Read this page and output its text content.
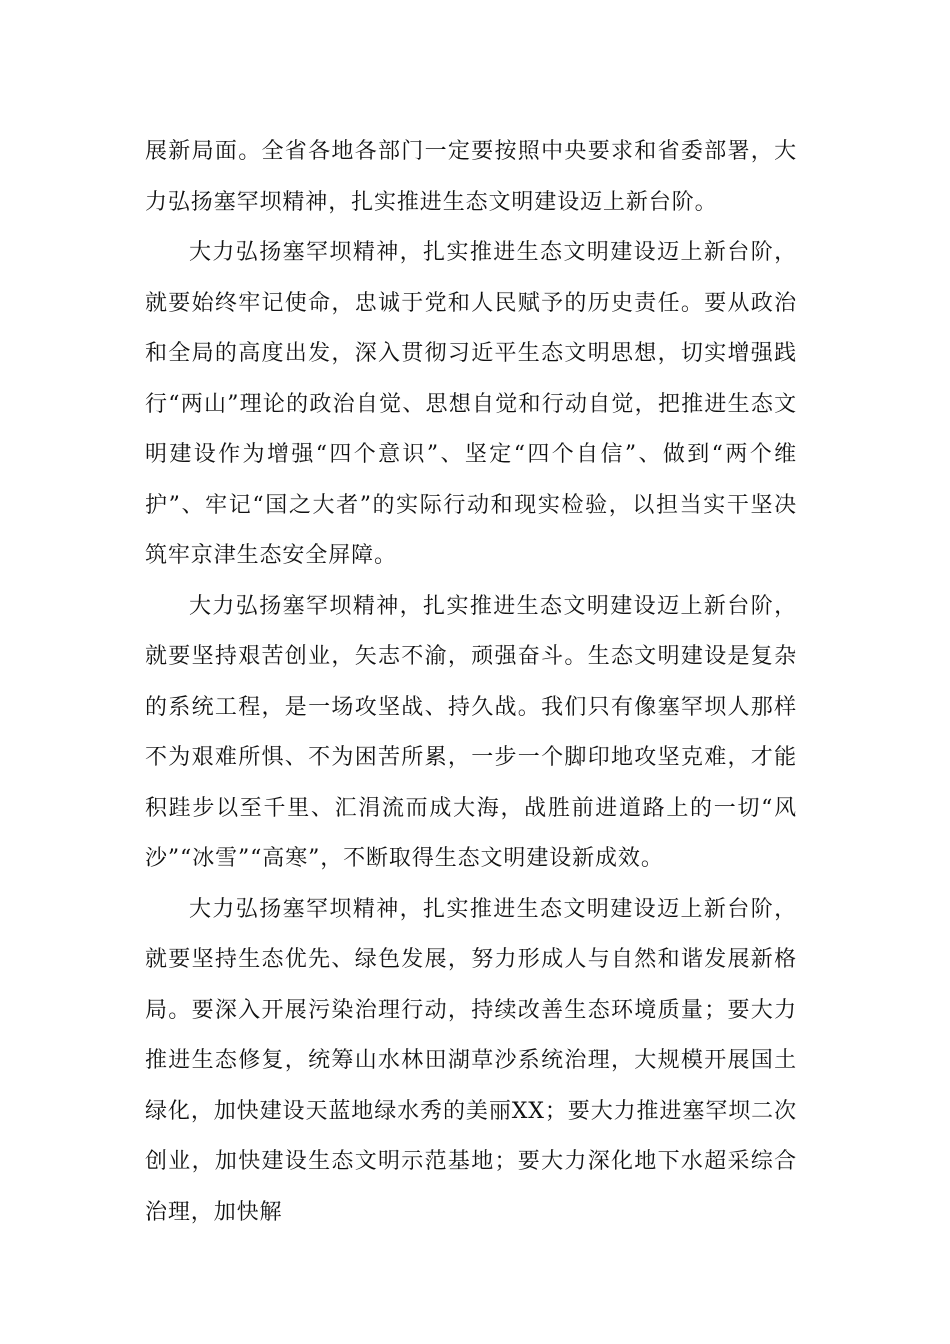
展新局面。全省各地各部门一定要按照中央要求和省委部署，大力弘扬塞罕坝精神，扎实推进生态文明建设迈上新台阶。

大力弘扬塞罕坝精神，扎实推进生态文明建设迈上新台阶，就要始终牢记使命，忠诚于党和人民赋予的历史责任。要从政治和全局的高度出发，深入贯彻习近平生态文明思想，切实增强践行“两山”理论的政治自觉、思想自觉和行动自觉，把推进生态文明建设作为增强“四个意识”、坚定“四个自信”、做到“两个维护”、牢记“国之大者”的实际行动和现实检验，以担当实干坚决筑牢京津生态安全屏障。

大力弘扬塞罕坝精神，扎实推进生态文明建设迈上新台阶，就要坚持艰苦创业，矢志不渝，顽强奋斗。生态文明建设是复杂的系统工程，是一场攻坚战、持久战。我们只有像塞罕坝人那样不为艰难所惧、不为困苦所累，一步一个脚印地攻坚克难，才能积跬步以至千里、汇涓流而成大海，战胜前进道路上的一切“风沙”“冰雪”“高寒”，不断取得生态文明建设新成效。

大力弘扬塞罕坝精神，扎实推进生态文明建设迈上新台阶，就要坚持生态优先、绿色发展，努力形成人与自然和谐发展新格局。要深入开展污染治理行动，持续改善生态环境质量；要大力推进生态修复，统筹山水林田湖草沙系统治理，大规模开展国土绿化，加快建设天蓝地绿水秀的美丽XX；要大力推进塞罕坝二次创业，加快建设生态文明示范基地；要大力深化地下水超采综合治理，加快解
